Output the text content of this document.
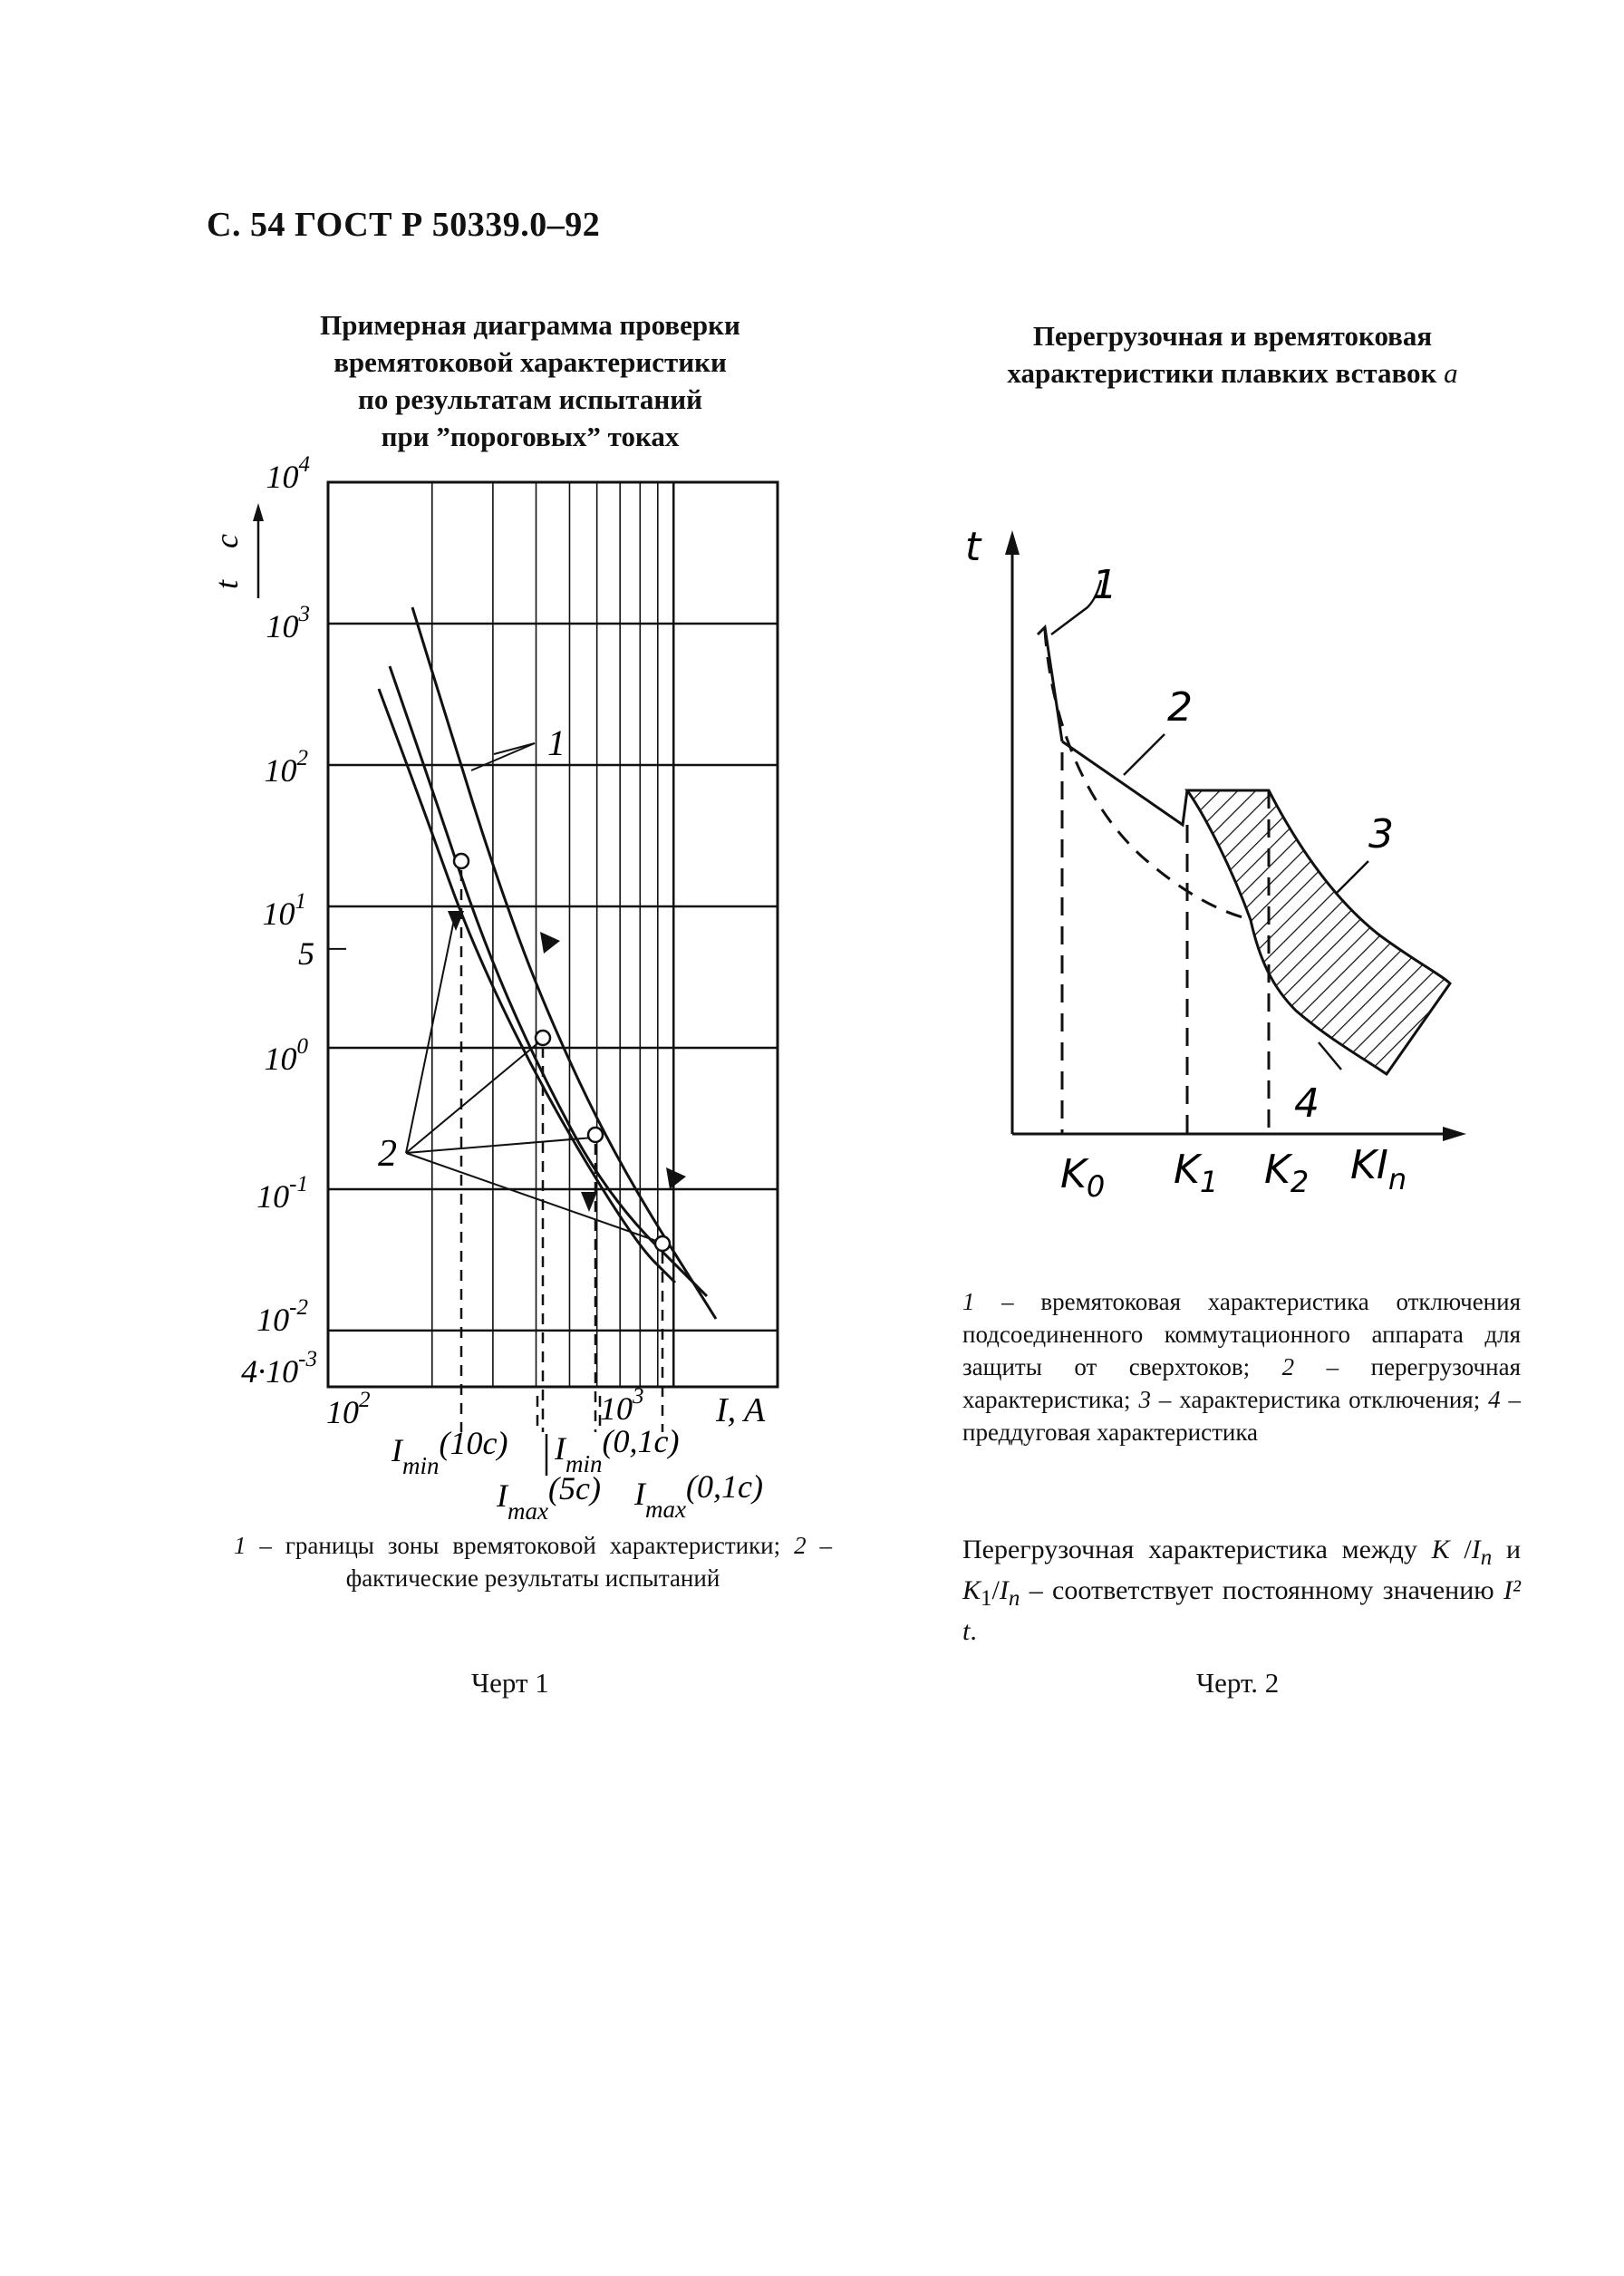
С. 54 ГОСТ Р 50339.0–92
Примерная диаграмма проверки
времятоковой характеристики
по результатам испытаний
при ”пороговых” токах
Перегрузочная и времятоковая
характеристики плавких вставок a
t
с
$10^4$
$10^3$
$10^2$
$10^1$
5
$10^0$
$10^{-1}$
$10^{-2}$
$4\cdot 10^{-3}$
$10^2$	$10^3$ I, A
$I_{min}(10с)$ $I_{min}(0,1с)$
$I_{max}(5с)$ $I_{max}(0,1с)$
1
2
t
1
2
3
4
$K_0$ $K_1$ $K_2$ $KI_n$
1 – границы зоны времятоковой характеристики; 2 – фактические результаты испытаний
Черт 1
1 – времятоковая характеристика отключения подсоединенного коммутационного аппарата для защиты от сверхтоков; 2 – перегрузочная характеристика; 3 – характеристика отключения; 4 – преддуговая характеристика
Перегрузочная характеристика между K $/I_n$ и $K_1/I_n$ – соответствует постоянному значению I² t.
Черт. 2
